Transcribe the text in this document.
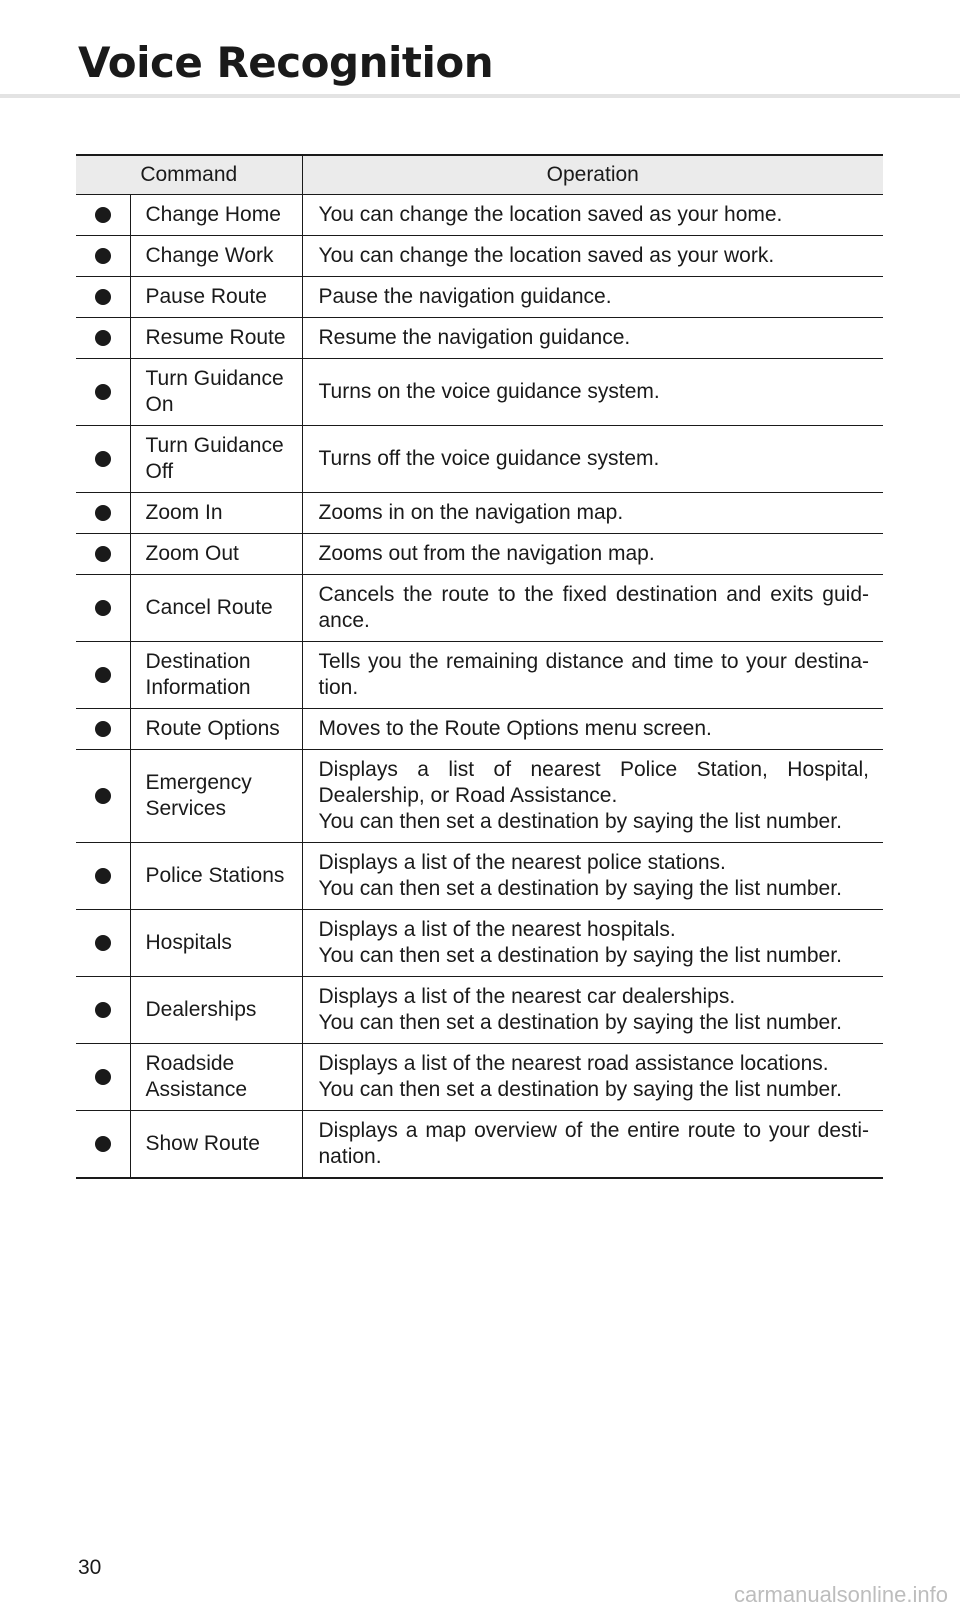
Voice Recognition
Command		Operation
	Change Home	You can change the location saved as your home.
	Change Work	You can change the location saved as your work.
	Pause Route	Pause the navigation guidance.
	Resume Route	Resume the navigation guidance.
	Turn Guidance On	Turns on the voice guidance system.
	Turn Guidance Off	Turns off the voice guidance system.
	Zoom In	Zooms in on the navigation map.
	Zoom Out	Zooms out from the navigation map.
	Cancel Route	Cancels the route to the fixed destination and exits guid-ance.
	Destination Information	Tells you the remaining distance and time to your destina-tion.
	Route Options	Moves to the Route Options menu screen.
	Emergency Services	Displays a list of nearest Police Station, Hospital, Dealership, or Road Assistance.
You can then set a destination by saying the list number.
	Police Stations	Displays a list of the nearest police stations.
You can then set a destination by saying the list number.
	Hospitals	Displays a list of the nearest hospitals.
You can then set a destination by saying the list number.
	Dealerships	Displays a list of the nearest car dealerships.
You can then set a destination by saying the list number.
	Roadside Assistance	Displays a list of the nearest road assistance locations.
You can then set a destination by saying the list number.
	Show Route	Displays a map overview of the entire route to your desti-nation.
30
carmanualsonline.info
